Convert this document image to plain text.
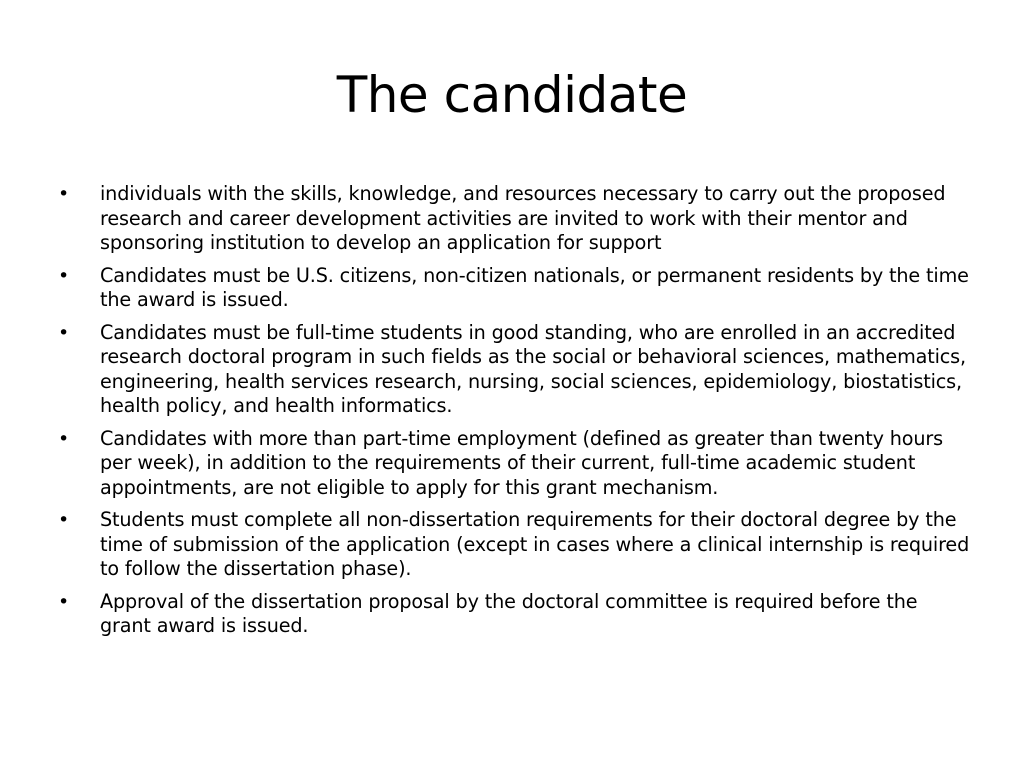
The candidate
• individuals with the skills, knowledge, and resources necessary to carry out the proposed research and career development activities are invited to work with their mentor and sponsoring institution to develop an application for support
• Candidates must be U.S. citizens, non-citizen nationals, or permanent residents by the time the award is issued.
• Candidates must be full-time students in good standing, who are enrolled in an accredited research doctoral program in such fields as the social or behavioral sciences, mathematics, engineering, health services research, nursing, social sciences, epidemiology, biostatistics, health policy, and health informatics.
• Candidates with more than part-time employment (defined as greater than twenty hours per week), in addition to the requirements of their current, full-time academic student appointments, are not eligible to apply for this grant mechanism.
• Students must complete all non-dissertation requirements for their doctoral degree by the time of submission of the application (except in cases where a clinical internship is required to follow the dissertation phase).
• Approval of the dissertation proposal by the doctoral committee is required before the grant award is issued.
